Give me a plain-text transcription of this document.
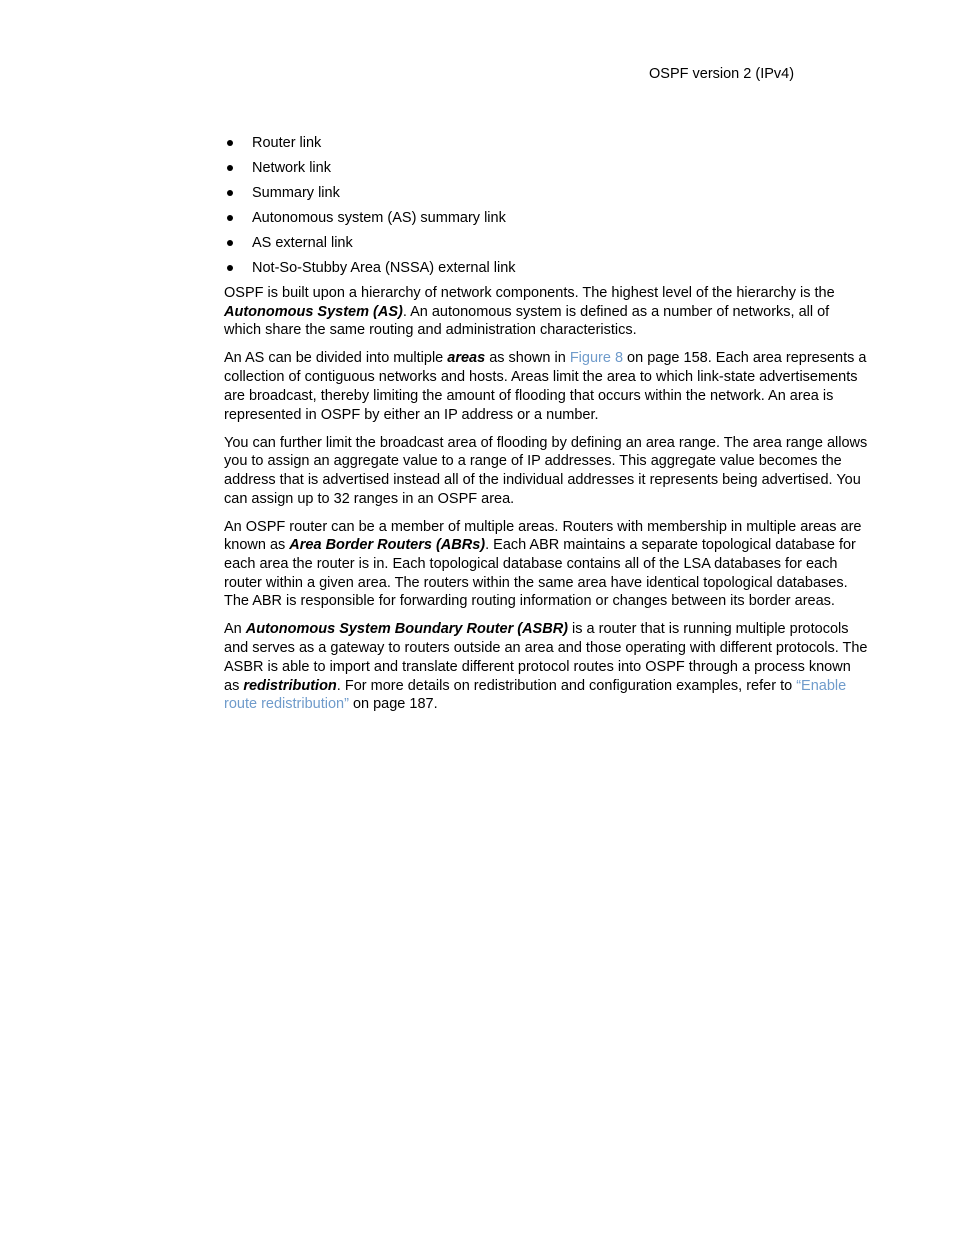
OSPF version 2 (IPv4)
Router link
Network link
Summary link
Autonomous system (AS) summary link
AS external link
Not-So-Stubby Area (NSSA) external link

OSPF is built upon a hierarchy of network components. The highest level of the hierarchy is the Autonomous System (AS). An autonomous system is defined as a number of networks, all of which share the same routing and administration characteristics.

An AS can be divided into multiple areas as shown in Figure 8 on page 158. Each area represents a collection of contiguous networks and hosts. Areas limit the area to which link-state advertisements are broadcast, thereby limiting the amount of flooding that occurs within the network. An area is represented in OSPF by either an IP address or a number.

You can further limit the broadcast area of flooding by defining an area range. The area range allows you to assign an aggregate value to a range of IP addresses. This aggregate value becomes the address that is advertised instead all of the individual addresses it represents being advertised. You can assign up to 32 ranges in an OSPF area.

An OSPF router can be a member of multiple areas. Routers with membership in multiple areas are known as Area Border Routers (ABRs). Each ABR maintains a separate topological database for each area the router is in. Each topological database contains all of the LSA databases for each router within a given area. The routers within the same area have identical topological databases. The ABR is responsible for forwarding routing information or changes between its border areas.

An Autonomous System Boundary Router (ASBR) is a router that is running multiple protocols and serves as a gateway to routers outside an area and those operating with different protocols. The ASBR is able to import and translate different protocol routes into OSPF through a process known as redistribution. For more details on redistribution and configuration examples, refer to “Enable route redistribution” on page 187.
